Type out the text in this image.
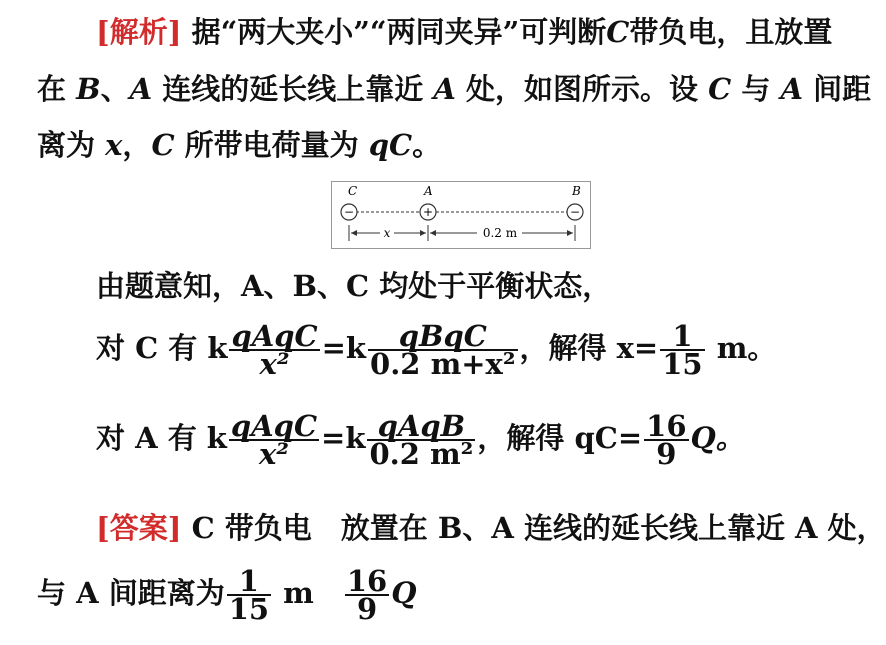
[解析] 据“两大夹小”“两同夹异”可判断C带负电，且放置
在 B、A 连线的延长线上靠近 A 处，如图所示。设 C 与 A 间距
离为 x，C 所带电荷量为 qC。
C	A	B
−	+	−
x	0.2 m
由题意知，A、B、C 均处于平衡状态，
对 C 有 k $\frac{\text{qAqC}}{\text{x²}} =k \frac{\text{qBqC}}{\text{0.2 m+x²}}$ ，解得 $x= \frac{1}{15}$ m。
对 A 有 k $\frac{\text{qAqC}}{\text{x²}} =k \frac{\text{qAqB}}{\text{0.2 m²}}$ ，解得 $qC= \frac{16}{9}$ Q。
[答案] C 带负电　放置在 B、A 连线的延长线上靠近 A 处，
与 A 间距离为 $\frac{1}{15}$ m　 $\frac{16}{9}$ Q
